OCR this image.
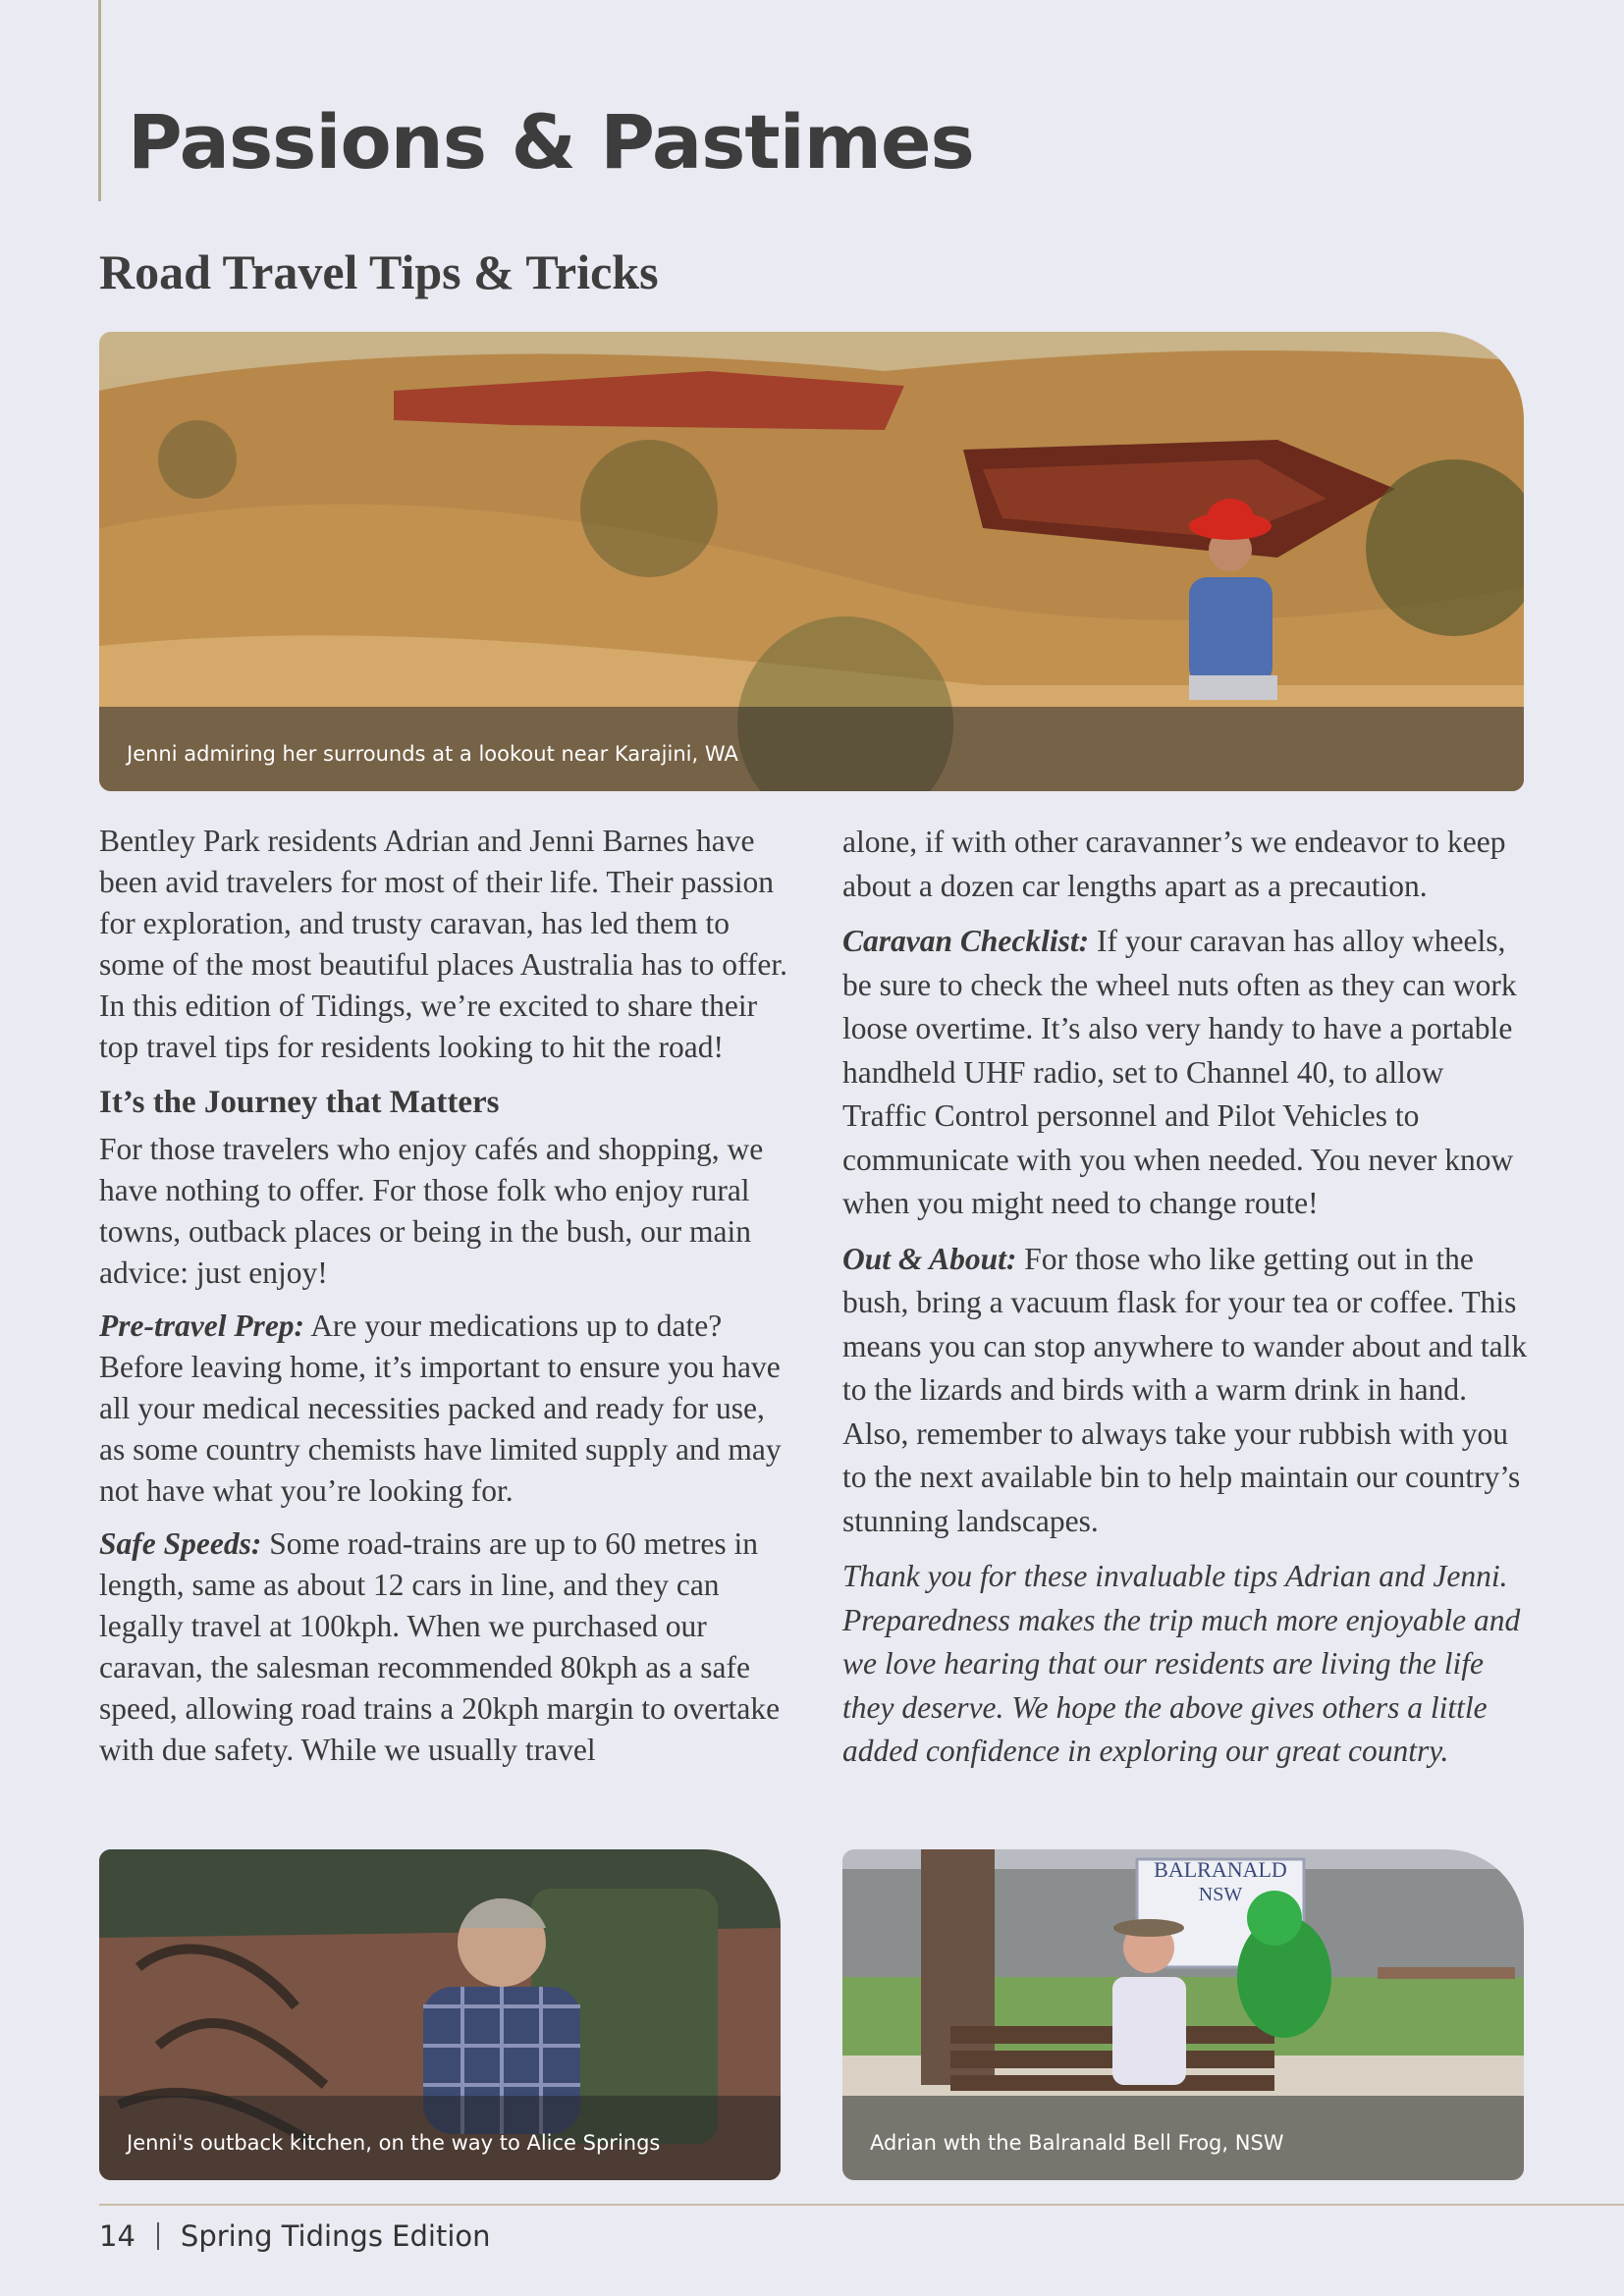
Passions & Pastimes
Road Travel Tips & Tricks
Jenni admiring her surrounds at a lookout near Karajini, WA

Bentley Park residents Adrian and Jenni Barnes have been avid travelers for most of their life. Their passion for exploration, and trusty caravan, has led them to some of the most beautiful places Australia has to offer. In this edition of Tidings, we’re excited to share their top travel tips for residents looking to hit the road!

It’s the Journey that Matters

For those travelers who enjoy cafés and shopping, we have nothing to offer. For those folk who enjoy rural towns, outback places or being in the bush, our main advice: just enjoy!

Pre-travel Prep: Are your medications up to date? Before leaving home, it’s important to ensure you have all your medical necessities packed and ready for use, as some country chemists have limited supply and may not have what you’re looking for.

Safe Speeds: Some road-trains are up to 60 metres in length, same as about 12 cars in line, and they can legally travel at 100kph. When we purchased our caravan, the salesman recommended 80kph as a safe speed, allowing road trains a 20kph margin to overtake with due safety. While we usually travel

alone, if with other caravanner’s we endeavor to keep about a dozen car lengths apart as a precaution.

Caravan Checklist: If your caravan has alloy wheels, be sure to check the wheel nuts often as they can work loose overtime. It’s also very handy to have a portable handheld UHF radio, set to Channel 40, to allow Traffic Control personnel and Pilot Vehicles to communicate with you when needed. You never know when you might need to change route!

Out & About: For those who like getting out in the bush, bring a vacuum flask for your tea or coffee. This means you can stop anywhere to wander about and talk to the lizards and birds with a warm drink in hand. Also, remember to always take your rubbish with you to the next available bin to help maintain our country’s stunning landscapes.

Thank you for these invaluable tips Adrian and Jenni. Preparedness makes the trip much more enjoyable and we love hearing that our residents are living the life they deserve. We hope the above gives others a little added confidence in exploring our great country.

Jenni's outback kitchen, on the way to Alice Springs
BALRANALD
NSW
Adrian wth the Balranald Bell Frog, NSW
14 Spring Tidings Edition
